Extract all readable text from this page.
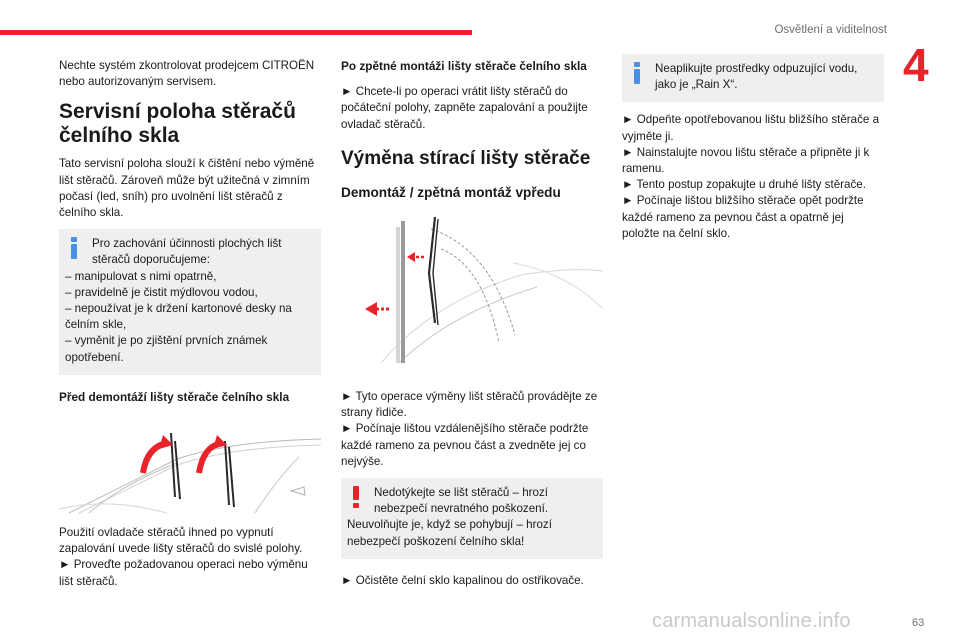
Osvětlení a viditelnost
4

Nechte systém zkontrolovat prodejcem CITROËN nebo autorizovaným servisem.

Servisní poloha stěračů čelního skla

Tato servisní poloha slouží k čištění nebo výměně lišt stěračů. Zároveň může být užitečná v zimním počasí (led, sníh) pro uvolnění lišt stěračů z čelního skla.

Pro zachování účinnosti plochých lišt stěračů doporučujeme:

– manipulovat s nimi opatrně,

– pravidelně je čistit mýdlovou vodou,

– nepoužívat je k držení kartonové desky na čelním skle,

– vyměnit je po zjištění prvních známek opotřebení.

Před demontáží lišty stěrače čelního skla

Použití ovladače stěračů ihned po vypnutí zapalování uvede lišty stěračů do svislé polohy.

► Proveďte požadovanou operaci nebo výměnu lišt stěračů.

Po zpětné montáži lišty stěrače čelního skla

► Chcete-li po operaci vrátit lišty stěračů do počáteční polohy, zapněte zapalování a použijte ovladač stěračů.

Výměna stírací lišty stěrače

Demontáž / zpětná montáž vpředu

► Tyto operace výměny lišt stěračů provádějte ze strany řidiče.

► Počínaje lištou vzdálenějšího stěrače podržte každé rameno za pevnou část a zvedněte jej co nejvýše.

Nedotýkejte se lišt stěračů – hrozí nebezpečí nevratného poškození.

Neuvolňujte je, když se pohybují – hrozí nebezpečí poškození čelního skla!

► Očistěte čelní sklo kapalinou do ostřikovače.

Neaplikujte prostředky odpuzující vodu, jako je „Rain X“.

► Odpeňte opotřebovanou lištu bližšího stěrače a vyjměte ji.

► Nainstalujte novou lištu stěrače a připněte ji k ramenu.

► Tento postup zopakujte u druhé lišty stěrače.

► Počínaje lištou bližšího stěrače opět podržte každé rameno za pevnou část a opatrně jej položte na čelní sklo.

carmanualsonline.info	63
